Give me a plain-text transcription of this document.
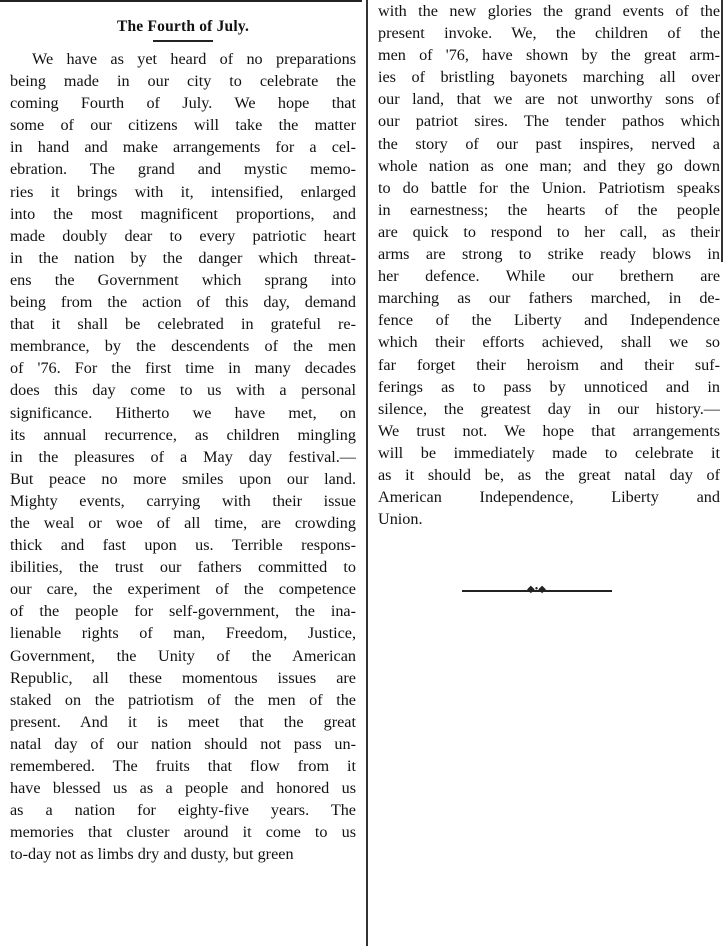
The Fourth of July.
We have as yet heard of no preparations
being made in our city to celebrate the
coming Fourth of July. We hope that
some of our citizens will take the matter
in hand and make arrangements for a cel-
ebration. The grand and mystic memo-
ries it brings with it, intensified, enlarged
into the most magnificent proportions, and
made doubly dear to every patriotic heart
in the nation by the danger which threat-
ens the Government which sprang into
being from the action of this day, demand
that it shall be celebrated in grateful re-
membrance, by the descendents of the men
of '76. For the first time in many decades
does this day come to us with a personal
significance. Hitherto we have met, on
its annual recurrence, as children mingling
in the pleasures of a May day festival.—
But peace no more smiles upon our land.
Mighty events, carrying with their issue
the weal or woe of all time, are crowding
thick and fast upon us. Terrible respons-
ibilities, the trust our fathers committed to
our care, the experiment of the competence
of the people for self-government, the ina-
lienable rights of man, Freedom, Justice,
Government, the Unity of the American
Republic, all these momentous issues are
staked on the patriotism of the men of the
present. And it is meet that the great
natal day of our nation should not pass un-
remembered. The fruits that flow from it
have blessed us as a people and honored us
as a nation for eighty-five years. The
memories that cluster around it come to us
to-day not as limbs dry and dusty, but green
with the new glories the grand events of the
present invoke. We, the children of the
men of '76, have shown by the great arm-
ies of bristling bayonets marching all over
our land, that we are not unworthy sons of
our patriot sires. The tender pathos which
the story of our past inspires, nerved a
whole nation as one man; and they go down
to do battle for the Union. Patriotism speaks
in earnestness; the hearts of the people
are quick to respond to her call, as their
arms are strong to strike ready blows in
her defence. While our brethern are
marching as our fathers marched, in de-
fence of the Liberty and Independence
which their efforts achieved, shall we so
far forget their heroism and their suf-
ferings as to pass by unnoticed and in
silence, the greatest day in our history.—
We trust not. We hope that arrangements
will be immediately made to celebrate it
as it should be, as the great natal day of
American Independence, Liberty and
Union.
◆•◆
